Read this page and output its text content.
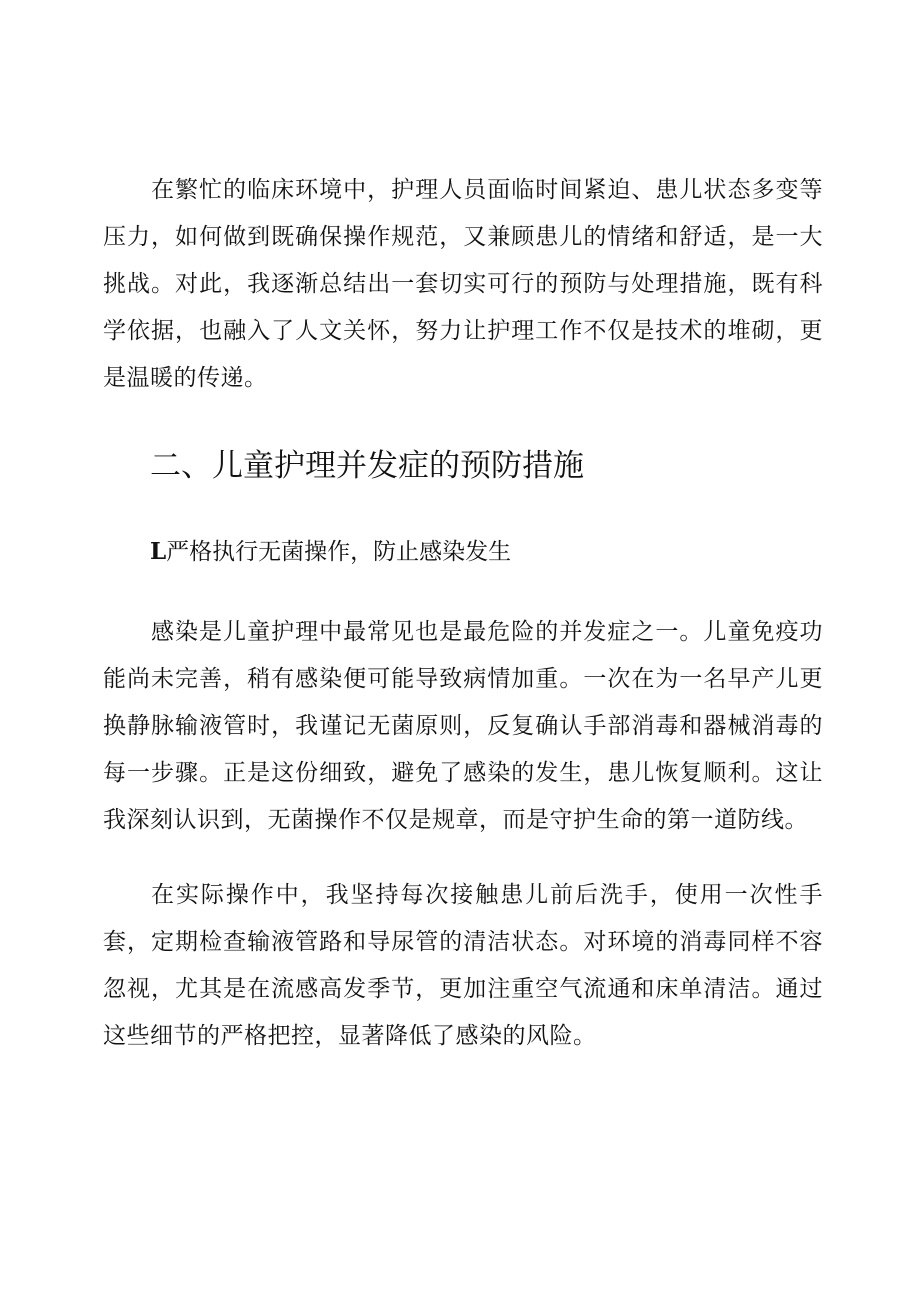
在繁忙的临床环境中，护理人员面临时间紧迫、患儿状态多变等压力，如何做到既确保操作规范，又兼顾患儿的情绪和舒适，是一大挑战。对此，我逐渐总结出一套切实可行的预防与处理措施，既有科学依据，也融入了人文关怀，努力让护理工作不仅是技术的堆砌，更是温暖的传递。

二、儿童护理并发症的预防措施
L严格执行无菌操作，防止感染发生

感染是儿童护理中最常见也是最危险的并发症之一。儿童免疫功能尚未完善，稍有感染便可能导致病情加重。一次在为一名早产儿更换静脉输液管时，我谨记无菌原则，反复确认手部消毒和器械消毒的每一步骤。正是这份细致，避免了感染的发生，患儿恢复顺利。这让我深刻认识到，无菌操作不仅是规章，而是守护生命的第一道防线。

在实际操作中，我坚持每次接触患儿前后洗手，使用一次性手套，定期检查输液管路和导尿管的清洁状态。对环境的消毒同样不容忽视，尤其是在流感高发季节，更加注重空气流通和床单清洁。通过这些细节的严格把控，显著降低了感染的风险。
